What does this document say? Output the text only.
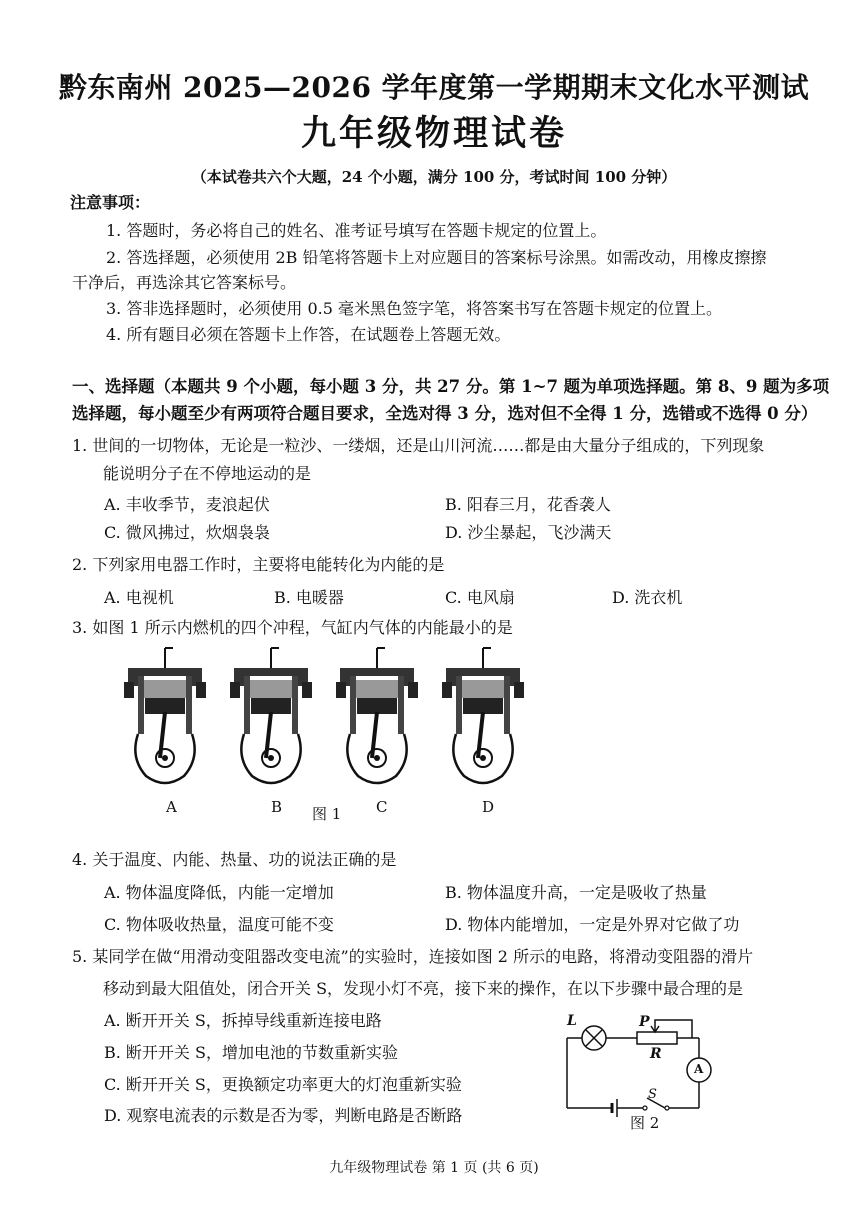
黔东南州 2025—2026 学年度第一学期期末文化水平测试
九年级物理试卷
（本试卷共六个大题，24 个小题，满分 100 分，考试时间 100 分钟）
注意事项：
1. 答题时，务必将自己的姓名、准考证号填写在答题卡规定的位置上。
2. 答选择题，必须使用 2B 铅笔将答题卡上对应题目的答案标号涂黑。如需改动，用橡皮擦擦
干净后，再选涂其它答案标号。
3. 答非选择题时，必须使用 0.5 毫米黑色签字笔，将答案书写在答题卡规定的位置上。
4. 所有题目必须在答题卡上作答，在试题卷上答题无效。
一、选择题（本题共 9 个小题，每小题 3 分，共 27 分。第 1~7 题为单项选择题。第 8、9 题为多项
选择题，每小题至少有两项符合题目要求，全选对得 3 分，选对但不全得 1 分，选错或不选得 0 分）
1. 世间的一切物体，无论是一粒沙、一缕烟，还是山川河流……都是由大量分子组成的，下列现象
能说明分子在不停地运动的是
A. 丰收季节，麦浪起伏	B. 阳春三月，花香袭人
C. 微风拂过，炊烟袅袅	D. 沙尘暴起，飞沙满天
2. 下列家用电器工作时，主要将电能转化为内能的是
A. 电视机	B. 电暖器	C. 电风扇	D. 洗衣机
3. 如图 1 所示内燃机的四个冲程，气缸内气体的内能最小的是
A	B	C	D
图 1
4. 关于温度、内能、热量、功的说法正确的是
A. 物体温度降低，内能一定增加	B. 物体温度升高，一定是吸收了热量
C. 物体吸收热量，温度可能不变	D. 物体内能增加，一定是外界对它做了功
5. 某同学在做“用滑动变阻器改变电流”的实验时，连接如图 2 所示的电路，将滑动变阻器的滑片
移动到最大阻值处，闭合开关 S，发现小灯不亮，接下来的操作，在以下步骤中最合理的是
A. 断开开关 S，拆掉导线重新连接电路
B. 断开开关 S，增加电池的节数重新实验
C. 断开开关 S，更换额定功率更大的灯泡重新实验
D. 观察电流表的示数是否为零，判断电路是否断路
L	P
R
A
S
图 2
九年级物理试卷 第 1 页 (共 6 页)
